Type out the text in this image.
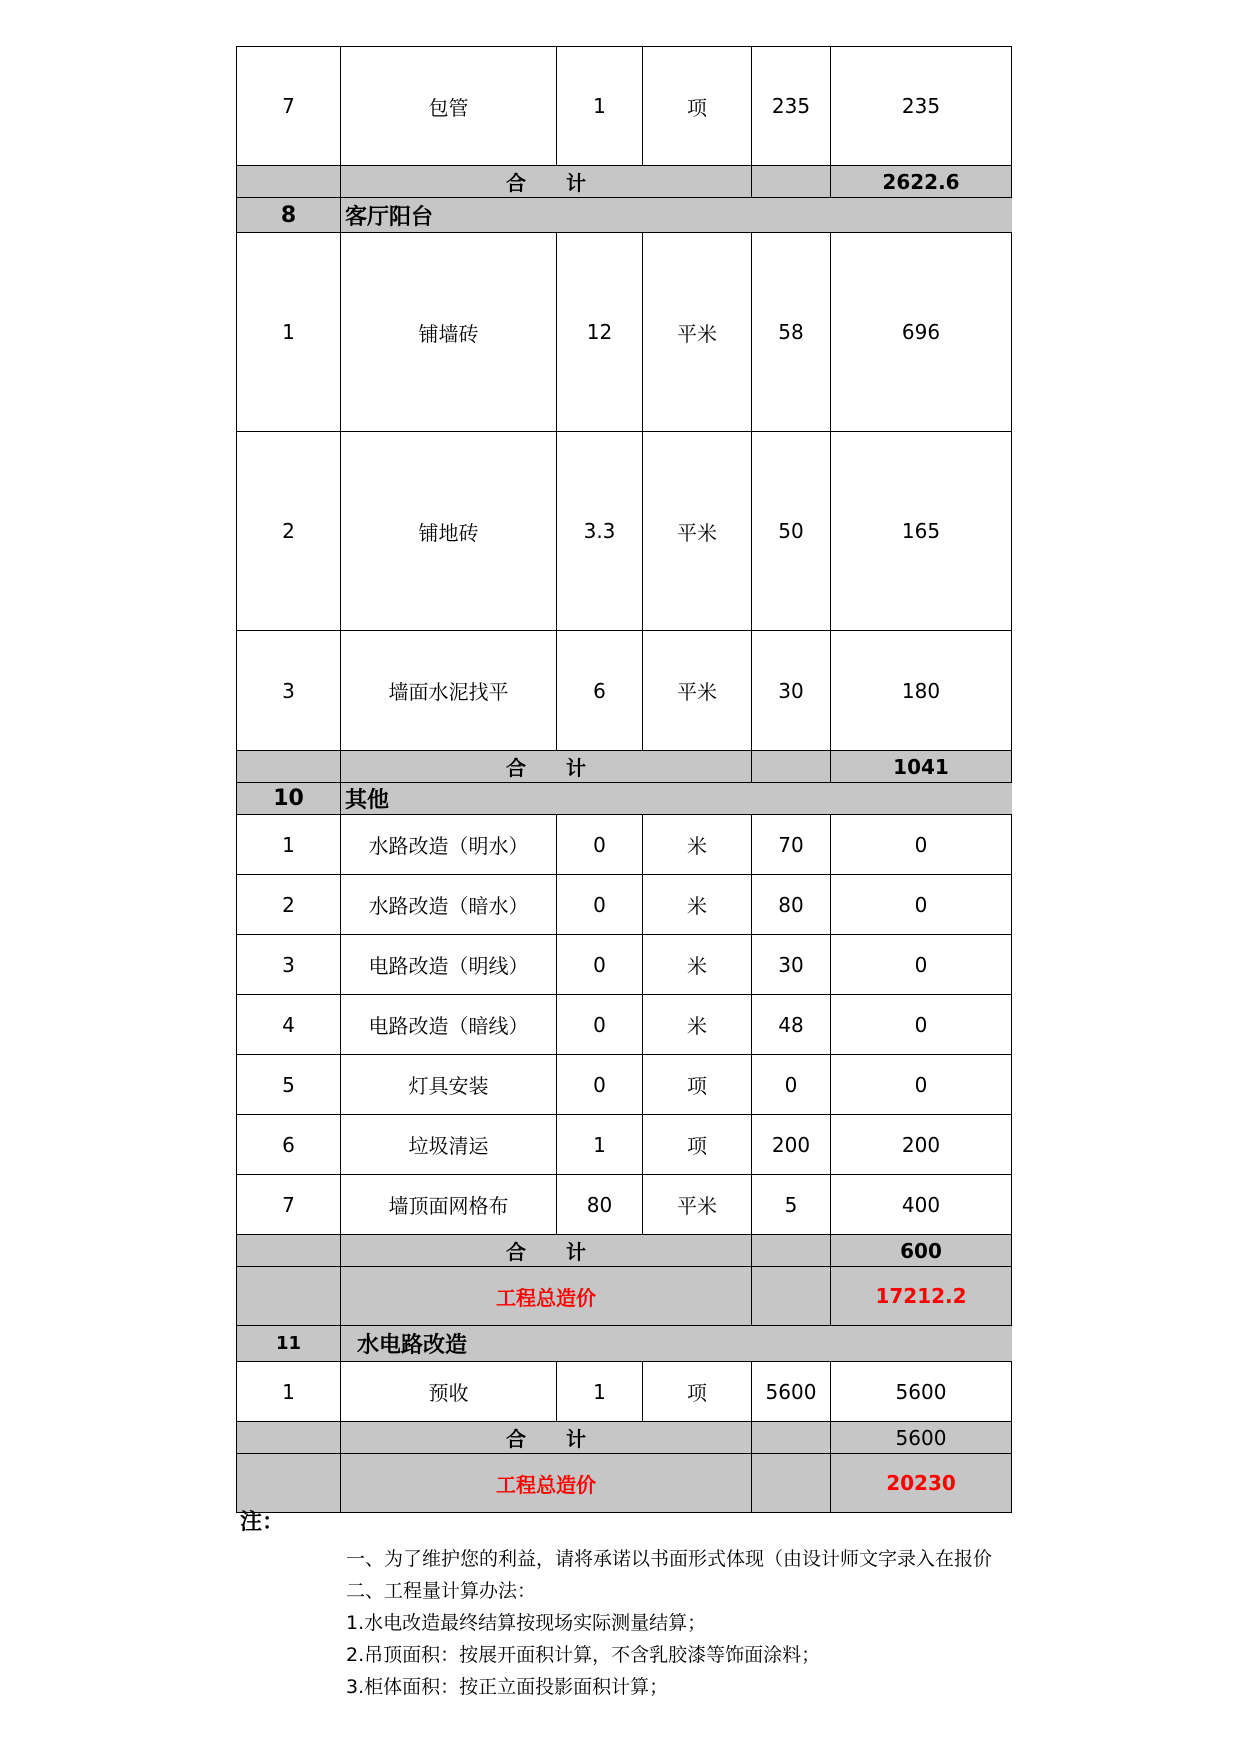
7	包管	1	项	235	235
	合　　计				2622.6
8	客厅阳台				
1	铺墙砖	12	平米	58	696
2	铺地砖	3.3	平米	50	165
3	墙面水泥找平	6	平米	30	180
	合　　计				1041
10	其他				
1	水路改造（明水）	0	米	70	0
2	水路改造（暗水）	0	米	80	0
3	电路改造（明线）	0	米	30	0
4	电路改造（暗线）	0	米	48	0
5	灯具安装	0	项	0	0
6	垃圾清运	1	项	200	200
7	墙顶面网格布	80	平米	5	400
	合　　计				600
	工程总造价				17212.2
11	水电路改造				
1	预收	1	项	5600	5600
	合　　计				5600
	工程总造价				20230
注：
一、为了维护您的利益，请将承诺以书面形式体现（由设计师文字录入在报价
二、工程量计算办法：
1.水电改造最终结算按现场实际测量结算；
2.吊顶面积：按展开面积计算，不含乳胶漆等饰面涂料；
3.柜体面积：按正立面投影面积计算；
